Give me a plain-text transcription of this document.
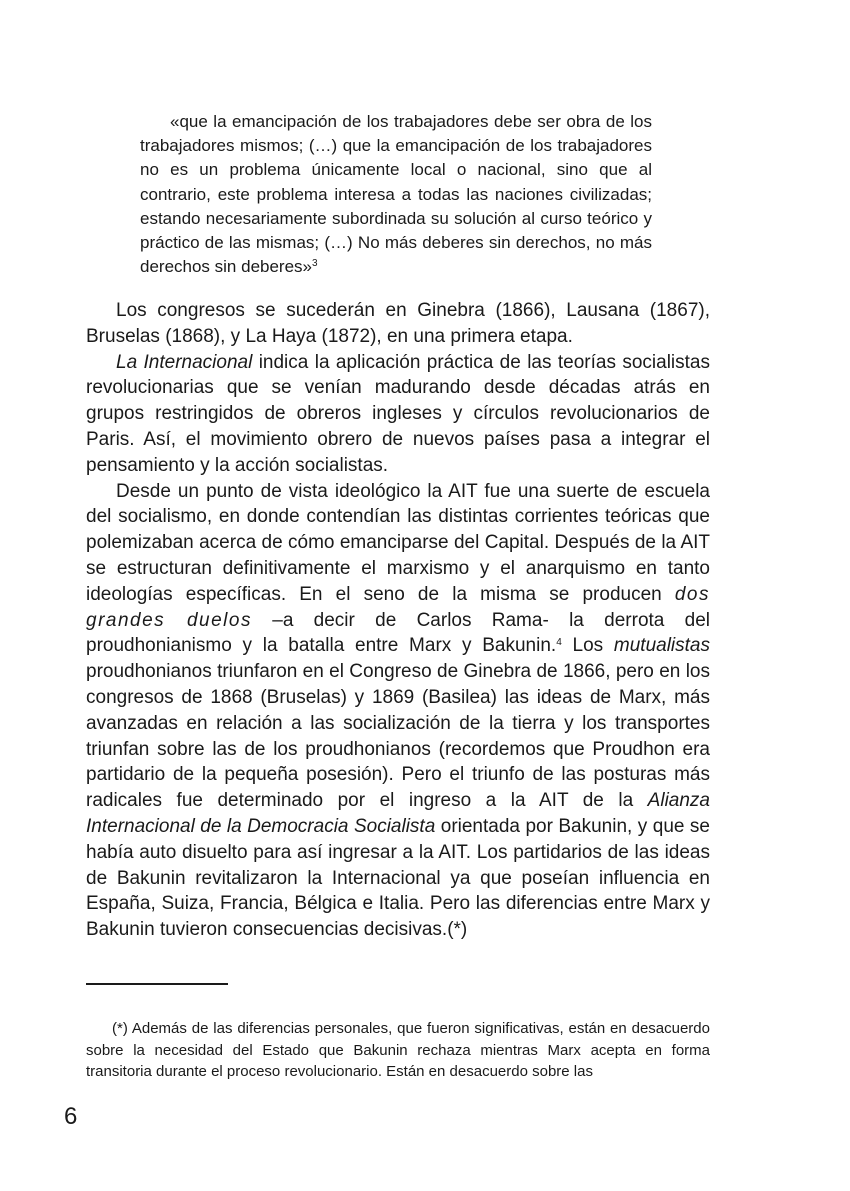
«que la emancipación de los trabajadores debe ser obra de los trabajadores mismos; (…) que la emancipación de los trabajadores no es un problema únicamente local o nacional, sino que al contrario, este problema interesa a todas las naciones civilizadas; estando necesariamente subordinada su solución al curso teórico y práctico de las mismas; (…) No más deberes sin derechos, no más derechos sin deberes»$^3$

Los congresos se sucederán en Ginebra (1866), Lausana (1867), Bruselas (1868), y La Haya (1872), en una primera etapa.

La Internacional indica la aplicación práctica de las teorías socialistas revolucionarias que se venían madurando desde décadas atrás en grupos restringidos de obreros ingleses y círculos revolucionarios de Paris. Así, el movimiento obrero de nuevos países pasa a integrar el pensamiento y la acción socialistas.

Desde un punto de vista ideológico la AIT fue una suerte de escuela del socialismo, en donde contendían las distintas corrientes teóricas que polemizaban acerca de cómo emanciparse del Capital. Después de la AIT se estructuran definitivamente el marxismo y el anarquismo en tanto ideologías específicas. En el seno de la misma se producen dos grandes duelos –a decir de Carlos Rama- la derrota del proudhonianismo y la batalla entre Marx y Bakunin.$^4$ Los mutualistas proudhonianos triunfaron en el Congreso de Ginebra de 1866, pero en los congresos de 1868 (Bruselas) y 1869 (Basilea) las ideas de Marx, más avanzadas en relación a las socialización de la tierra y los transportes triunfan sobre las de los proudhonianos (recordemos que Proudhon era partidario de la pequeña posesión). Pero el triunfo de las posturas más radicales fue determinado por el ingreso a la AIT de la Alianza Internacional de la Democracia Socialista orientada por Bakunin, y que se había auto disuelto para así ingresar a la AIT. Los partidarios de las ideas de Bakunin revitalizaron la Internacional ya que poseían influencia en España, Suiza, Francia, Bélgica e Italia. Pero las diferencias entre Marx y Bakunin tuvieron consecuencias decisivas.(*)

(*) Además de las diferencias personales, que fueron significativas, están en desacuerdo sobre la necesidad del Estado que Bakunin rechaza mientras Marx acepta en forma transitoria durante el proceso revolucionario. Están en desacuerdo sobre las

6
